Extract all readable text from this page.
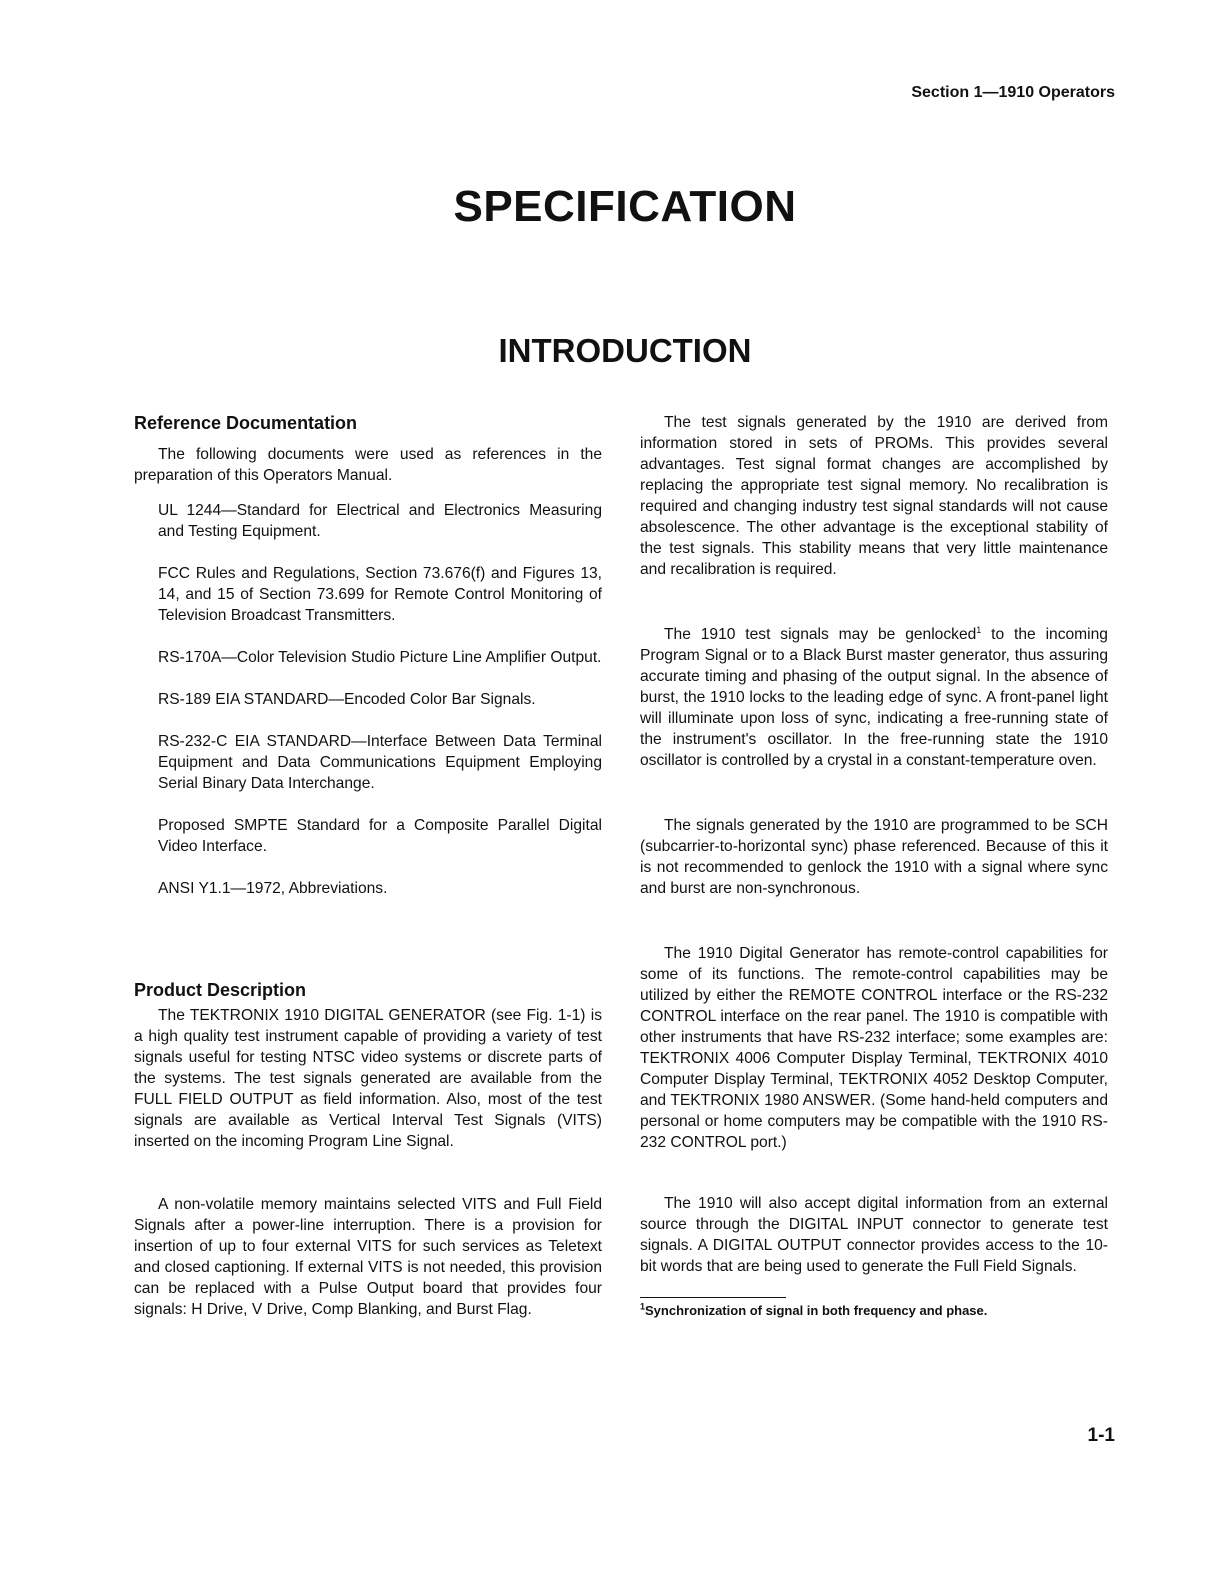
Section 1—1910 Operators
SPECIFICATION
INTRODUCTION
Reference Documentation

The following documents were used as references in the preparation of this Operators Manual.

UL 1244—Standard for Electrical and Electronics Measuring and Testing Equipment.

FCC Rules and Regulations, Section 73.676(f) and Figures 13, 14, and 15 of Section 73.699 for Remote Control Monitoring of Television Broadcast Transmitters.

RS-170A—Color Television Studio Picture Line Amplifier Output.

RS-189 EIA STANDARD—Encoded Color Bar Signals.

RS-232-C EIA STANDARD—Interface Between Data Terminal Equipment and Data Communications Equipment Employing Serial Binary Data Interchange.

Proposed SMPTE Standard for a Composite Parallel Digital Video Interface.

ANSI Y1.1—1972, Abbreviations.

Product Description

The TEKTRONIX 1910 DIGITAL GENERATOR (see Fig. 1-1) is a high quality test instrument capable of providing a variety of test signals useful for testing NTSC video systems or discrete parts of the systems. The test signals generated are available from the FULL FIELD OUTPUT as field information. Also, most of the test signals are available as Vertical Interval Test Signals (VITS) inserted on the incoming Program Line Signal.

A non-volatile memory maintains selected VITS and Full Field Signals after a power-line interruption. There is a provision for insertion of up to four external VITS for such services as Teletext and closed captioning. If external VITS is not needed, this provision can be replaced with a Pulse Output board that provides four signals: H Drive, V Drive, Comp Blanking, and Burst Flag.

The test signals generated by the 1910 are derived from information stored in sets of PROMs. This provides several advantages. Test signal format changes are accomplished by replacing the appropriate test signal memory. No recalibration is required and changing industry test signal standards will not cause absolescence. The other advantage is the exceptional stability of the test signals. This stability means that very little maintenance and recalibration is required.

The 1910 test signals may be genlocked$^1$ to the incoming Program Signal or to a Black Burst master generator, thus assuring accurate timing and phasing of the output signal. In the absence of burst, the 1910 locks to the leading edge of sync. A front-panel light will illuminate upon loss of sync, indicating a free-running state of the instrument's oscillator. In the free-running state the 1910 oscillator is controlled by a crystal in a constant-temperature oven.

The signals generated by the 1910 are programmed to be SCH (subcarrier-to-horizontal sync) phase referenced. Because of this it is not recommended to genlock the 1910 with a signal where sync and burst are non-synchronous.

The 1910 Digital Generator has remote-control capabilities for some of its functions. The remote-control capabilities may be utilized by either the REMOTE CONTROL interface or the RS-232 CONTROL interface on the rear panel. The 1910 is compatible with other instruments that have RS-232 interface; some examples are: TEKTRONIX 4006 Computer Display Terminal, TEKTRONIX 4010 Computer Display Terminal, TEKTRONIX 4052 Desktop Computer, and TEKTRONIX 1980 ANSWER. (Some hand-held computers and personal or home computers may be compatible with the 1910 RS-232 CONTROL port.)

The 1910 will also accept digital information from an external source through the DIGITAL INPUT connector to generate test signals. A DIGITAL OUTPUT connector provides access to the 10-bit words that are being used to generate the Full Field Signals.

$^1$Synchronization of signal in both frequency and phase.
1-1
